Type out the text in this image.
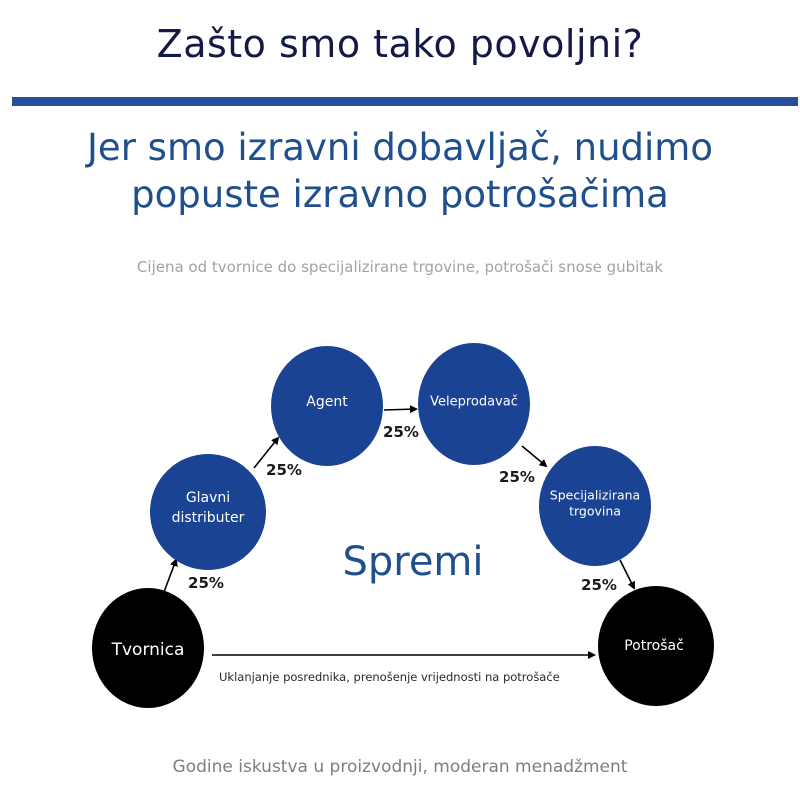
Zašto smo tako povoljni?
Jer smo izravni dobavljač, nudimo
popuste izravno potrošačima
Cijena od tvornice do specijalizirane trgovine, potrošači snose gubitak
Tvornica
Glavni
distributer
Agent	Veleprodavač
Specijalizirana
trgovina
Potrošač
25%
25%
25%
25%
25%
Spremi
Uklanjanje posrednika, prenošenje vrijednosti na potrošače
Godine iskustva u proizvodnji, moderan menadžment
